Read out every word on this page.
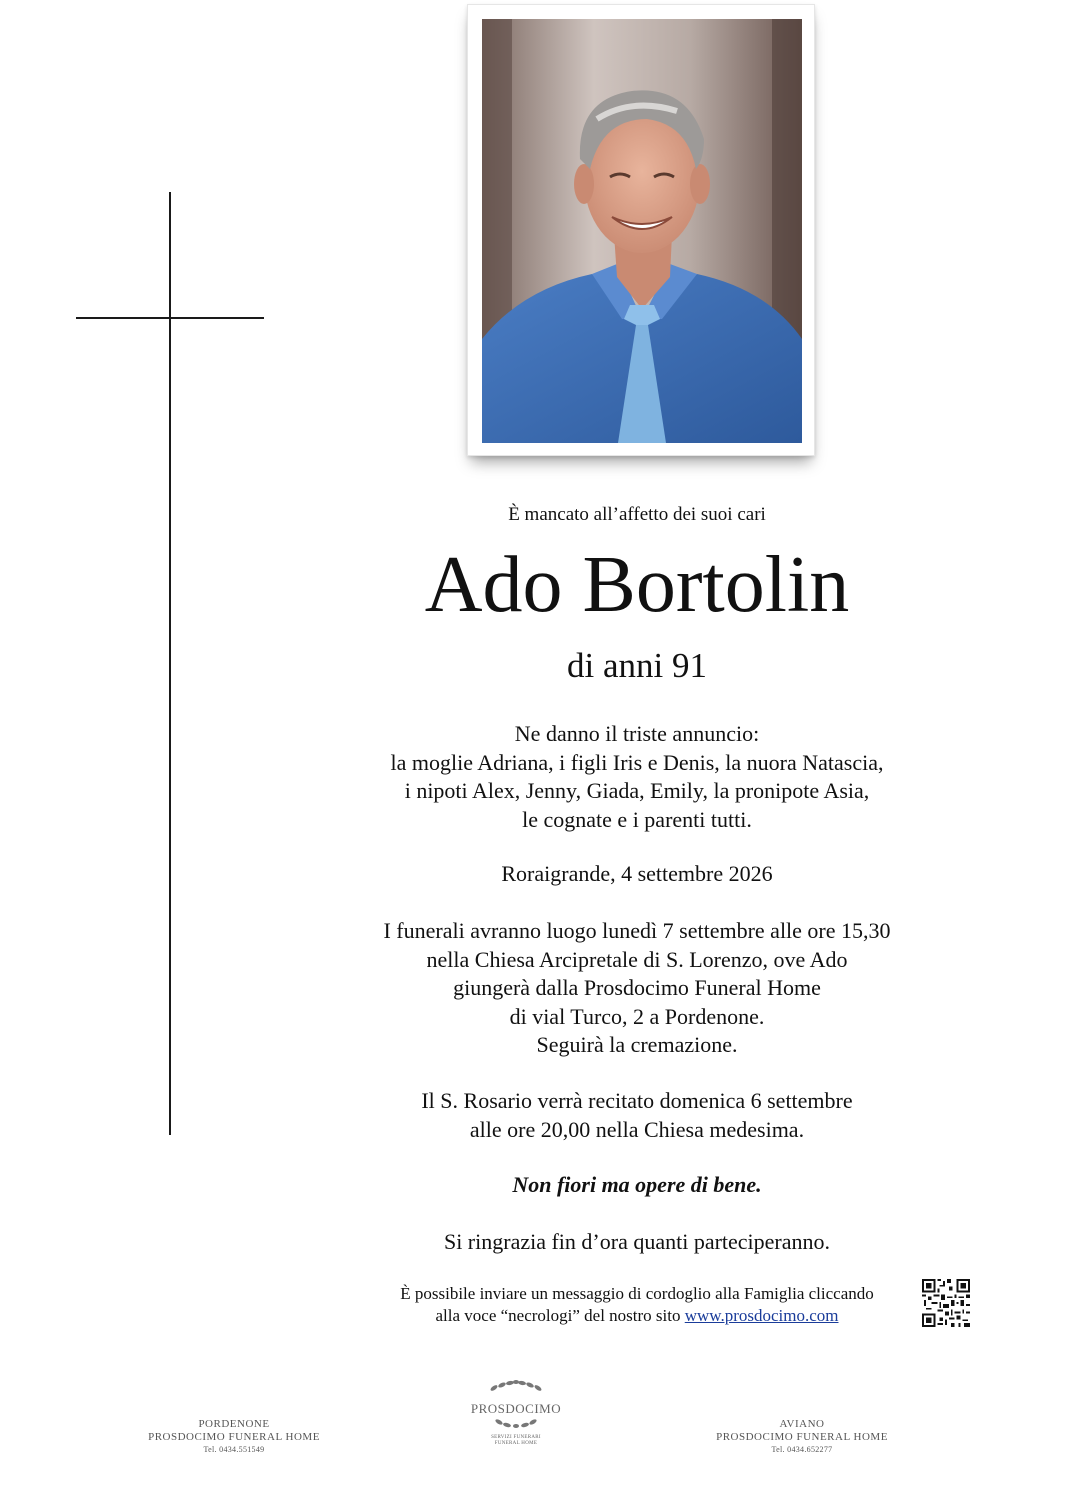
È mancato all’affetto dei suoi cari
Ado Bortolin
di anni 91
Ne danno il triste annuncio:
la moglie Adriana, i figli Iris e Denis, la nuora Natascia,
i nipoti Alex, Jenny, Giada, Emily, la pronipote Asia,
le cognate e i parenti tutti.
Roraigrande, 4 settembre 2026
I funerali avranno luogo lunedì 7 settembre alle ore 15,30
nella Chiesa Arcipretale di S. Lorenzo, ove Ado
giungerà dalla Prosdocimo Funeral Home
di vial Turco, 2 a Pordenone.
Seguirà la cremazione.
Il S. Rosario verrà recitato domenica 6 settembre
alle ore 20,00 nella Chiesa medesima.
Non fiori ma opere di bene.
Si ringrazia fin d’ora quanti parteciperanno.
È possibile inviare un messaggio di cordoglio alla Famiglia cliccando
alla voce “necrologi” del nostro sito www.prosdocimo.com
PORDENONE
PROSDOCIMO FUNERAL HOME
Tel. 0434.551549
PROSDOCIMO
SERVIZI FUNERARI
FUNERAL HOME
AVIANO
PROSDOCIMO FUNERAL HOME
Tel. 0434.652277
